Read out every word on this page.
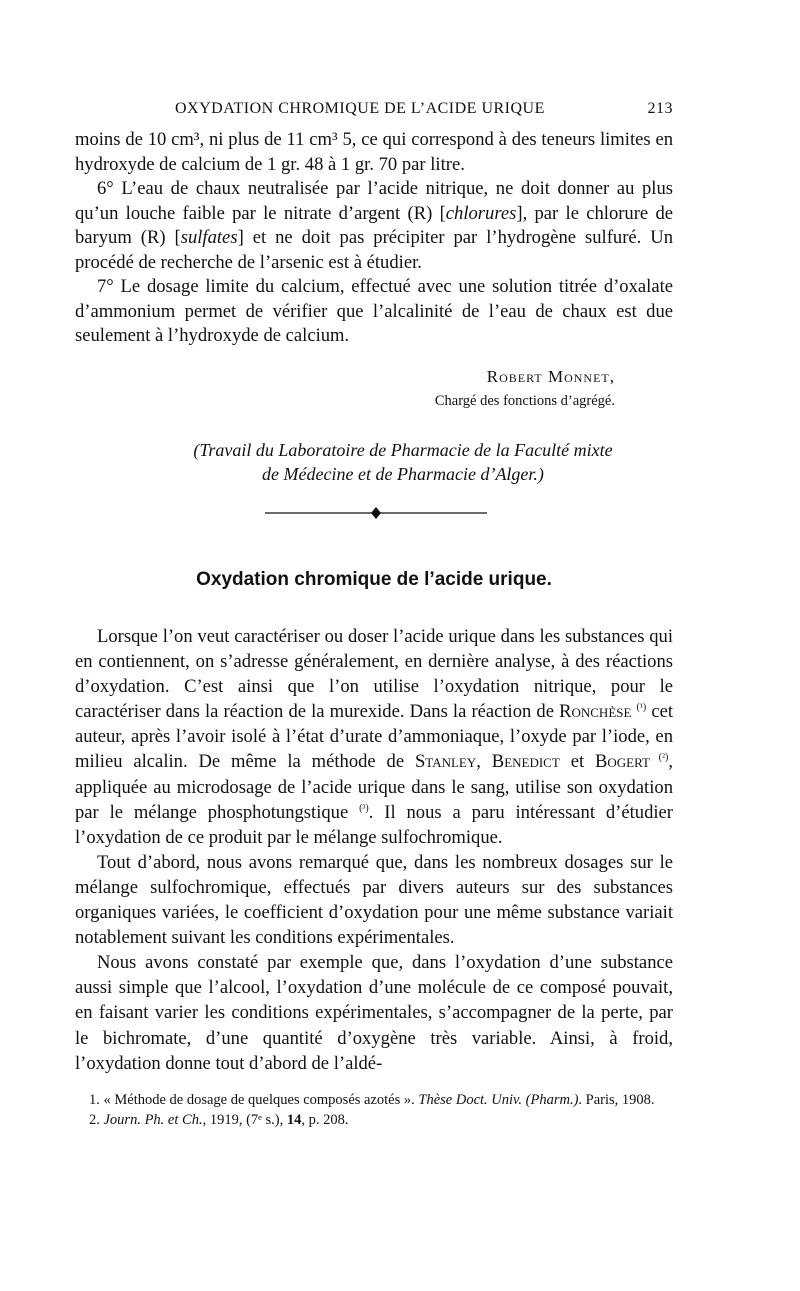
OXYDATION CHROMIQUE DE L’ACIDE URIQUE	213

moins de 10 cm³, ni plus de 11 cm³ 5, ce qui correspond à des teneurs limites en hydroxyde de calcium de 1 gr. 48 à 1 gr. 70 par litre.

6° L’eau de chaux neutralisée par l’acide nitrique, ne doit donner au plus qu’un louche faible par le nitrate d’argent (R) [chlorures], par le chlorure de baryum (R) [sulfates] et ne doit pas précipiter par l’hydrogène sulfuré. Un procédé de recherche de l’arsenic est à étudier.

7° Le dosage limite du calcium, effectué avec une solution titrée d’oxalate d’ammonium permet de vérifier que l’alcalinité de l’eau de chaux est due seulement à l’hydroxyde de calcium.

Robert Monnet,
Chargé des fonctions d’agrégé.
(Travail du Laboratoire de Pharmacie de la Faculté mixte
de Médecine et de Pharmacie d’Alger.)
Oxydation chromique de l’acide urique.

Lorsque l’on veut caractériser ou doser l’acide urique dans les substances qui en contiennent, on s’adresse généralement, en dernière analyse, à des réactions d’oxydation. C’est ainsi que l’on utilise l’oxydation nitrique, pour le caractériser dans la réaction de la murexide. Dans la réaction de Ronchèse $^{(^1)}$ cet auteur, après l’avoir isolé à l’état d’urate d’ammoniaque, l’oxyde par l’iode, en milieu alcalin. De même la méthode de Stanley, Benedict et Bogert $^{(^2)}$, appliquée au microdosage de l’acide urique dans le sang, utilise son oxydation par le mélange phosphotungstique $^{(^3)}$. Il nous a paru intéressant d’étudier l’oxydation de ce produit par le mélange sulfochromique.

Tout d’abord, nous avons remarqué que, dans les nombreux dosages sur le mélange sulfochromique, effectués par divers auteurs sur des substances organiques variées, le coefficient d’oxydation pour une même substance variait notablement suivant les conditions expérimentales.

Nous avons constaté par exemple que, dans l’oxydation d’une substance aussi simple que l’alcool, l’oxydation d’une molécule de ce composé pouvait, en faisant varier les conditions expérimentales, s’accompagner de la perte, par le bichromate, d’une quantité d’oxygène très variable. Ainsi, à froid, l’oxydation donne tout d’abord de l’aldé-

1. « Méthode de dosage de quelques composés azotés ». Thèse Doct. Univ. (Pharm.). Paris, 1908.

2. Journ. Ph. et Ch., 1919, (7ᵉ s.), 14, p. 208.
